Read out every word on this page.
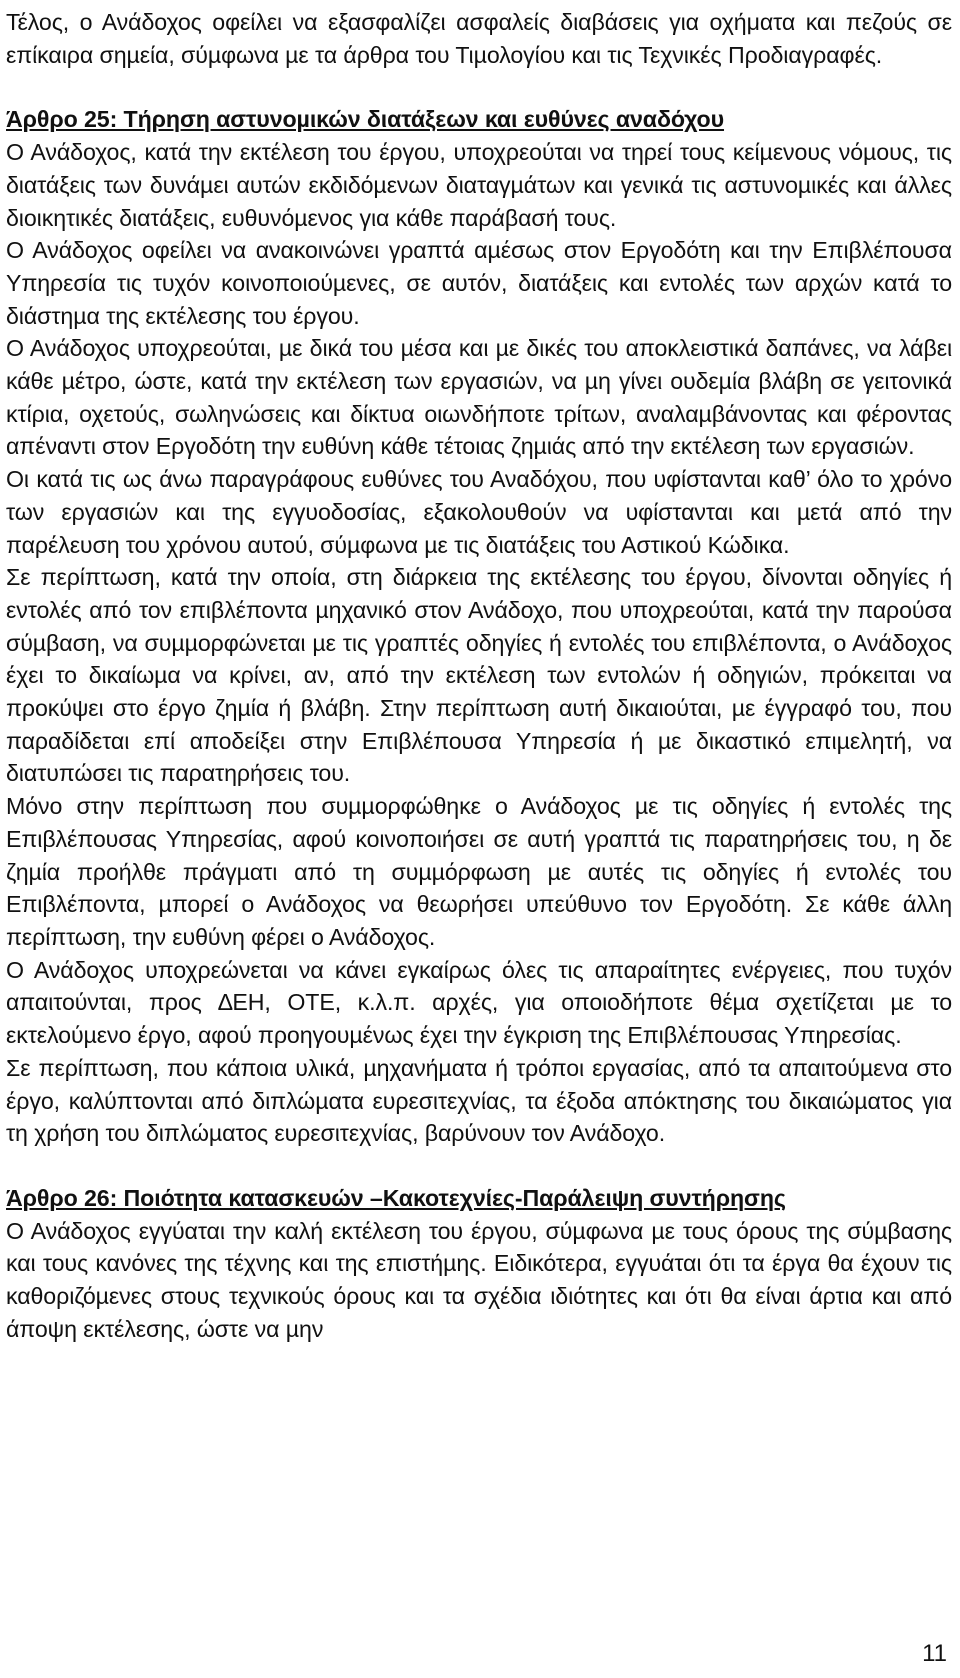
Τέλος, ο Ανάδοχος οφείλει να εξασφαλίζει ασφαλείς διαβάσεις για οχήματα και πεζούς σε επίκαιρα σηµεία, σύµφωνα µε τα άρθρα του Τιµολογίου και τις Τεχνικές Προδιαγραφές.

Άρθρο 25: Τήρηση αστυνοµικών διατάξεων και ευθύνες αναδόχου

Ο Ανάδοχος, κατά την εκτέλεση του έργου, υποχρεούται να τηρεί τους κείµενους νόµους, τις διατάξεις των δυνάµει αυτών εκδιδόµενων διαταγµάτων και γενικά τις αστυνοµικές και άλλες διοικητικές διατάξεις, ευθυνόµενος για κάθε παράβασή τους.

Ο Ανάδοχος οφείλει να ανακοινώνει γραπτά αµέσως στον Εργοδότη και την Επιβλέπουσα Υπηρεσία τις τυχόν κοινοποιούµενες, σε αυτόν, διατάξεις και εντολές των αρχών κατά το διάστηµα της εκτέλεσης του έργου.

Ο Ανάδοχος υποχρεούται, µε δικά του µέσα και µε δικές του αποκλειστικά δαπάνες, να λάβει κάθε µέτρο, ώστε, κατά την εκτέλεση των εργασιών, να µη γίνει ουδεµία βλάβη σε γειτονικά κτίρια, οχετούς, σωληνώσεις και δίκτυα οιωνδήποτε τρίτων, αναλαµβάνοντας και φέροντας απέναντι στον Εργοδότη την ευθύνη κάθε τέτοιας ζηµιάς από την εκτέλεση των εργασιών.

Οι κατά τις ως άνω παραγράφους ευθύνες του Αναδόχου, που υφίστανται καθ’ όλο το χρόνο των εργασιών και της εγγυοδοσίας, εξακολουθούν να υφίστανται και µετά από την παρέλευση του χρόνου αυτού, σύµφωνα µε τις διατάξεις του Αστικού Κώδικα.

Σε περίπτωση, κατά την οποία, στη διάρκεια της εκτέλεσης του έργου, δίνονται οδηγίες ή εντολές από τον επιβλέποντα µηχανικό στον Ανάδοχο, που υποχρεούται, κατά την παρούσα σύµβαση, να συµµορφώνεται µε τις γραπτές οδηγίες ή εντολές του επιβλέποντα, ο Ανάδοχος έχει το δικαίωµα να κρίνει, αν, από την εκτέλεση των εντολών ή οδηγιών, πρόκειται να προκύψει στο έργο ζηµία ή βλάβη. Στην περίπτωση αυτή δικαιούται, µε έγγραφό του, που παραδίδεται επί αποδείξει στην Επιβλέπουσα Υπηρεσία ή µε δικαστικό επιµελητή, να διατυπώσει τις παρατηρήσεις του.

Μόνο στην περίπτωση που συµµορφώθηκε ο Ανάδοχος µε τις οδηγίες ή εντολές της Επιβλέπουσας Υπηρεσίας, αφού κοινοποιήσει σε αυτή γραπτά τις παρατηρήσεις του, η δε ζηµία προήλθε πράγµατι από τη συµµόρφωση µε αυτές τις οδηγίες ή εντολές του Επιβλέποντα, µπορεί ο Ανάδοχος να θεωρήσει υπεύθυνο τον Εργοδότη. Σε κάθε άλλη περίπτωση, την ευθύνη φέρει ο Ανάδοχος.

Ο Ανάδοχος υποχρεώνεται να κάνει εγκαίρως όλες τις απαραίτητες ενέργειες, που τυχόν απαιτούνται, προς ∆ΕΗ, ΟΤΕ, κ.λ.π. αρχές, για οποιοδήποτε θέµα σχετίζεται µε το εκτελούµενο έργο, αφού προηγουµένως έχει την έγκριση της Επιβλέπουσας Υπηρεσίας.

Σε περίπτωση, που κάποια υλικά, µηχανήµατα ή τρόποι εργασίας, από τα απαιτούµενα στο έργο, καλύπτονται από διπλώµατα ευρεσιτεχνίας, τα έξοδα απόκτησης του δικαιώµατος για τη χρήση του διπλώµατος ευρεσιτεχνίας, βαρύνουν τον Ανάδοχο.

Άρθρο 26: Ποιότητα κατασκευών –Κακοτεχνίες-Παράλειψη συντήρησης

Ο Ανάδοχος εγγύαται την καλή εκτέλεση του έργου, σύµφωνα µε τους όρους της σύµβασης και τους κανόνες της τέχνης και της επιστήµης. Ειδικότερα, εγγυάται ότι τα έργα θα έχουν τις καθοριζόµενες στους τεχνικούς όρους και τα σχέδια ιδιότητες και ότι θα είναι άρτια και από άποψη εκτέλεσης, ώστε να µην

11
